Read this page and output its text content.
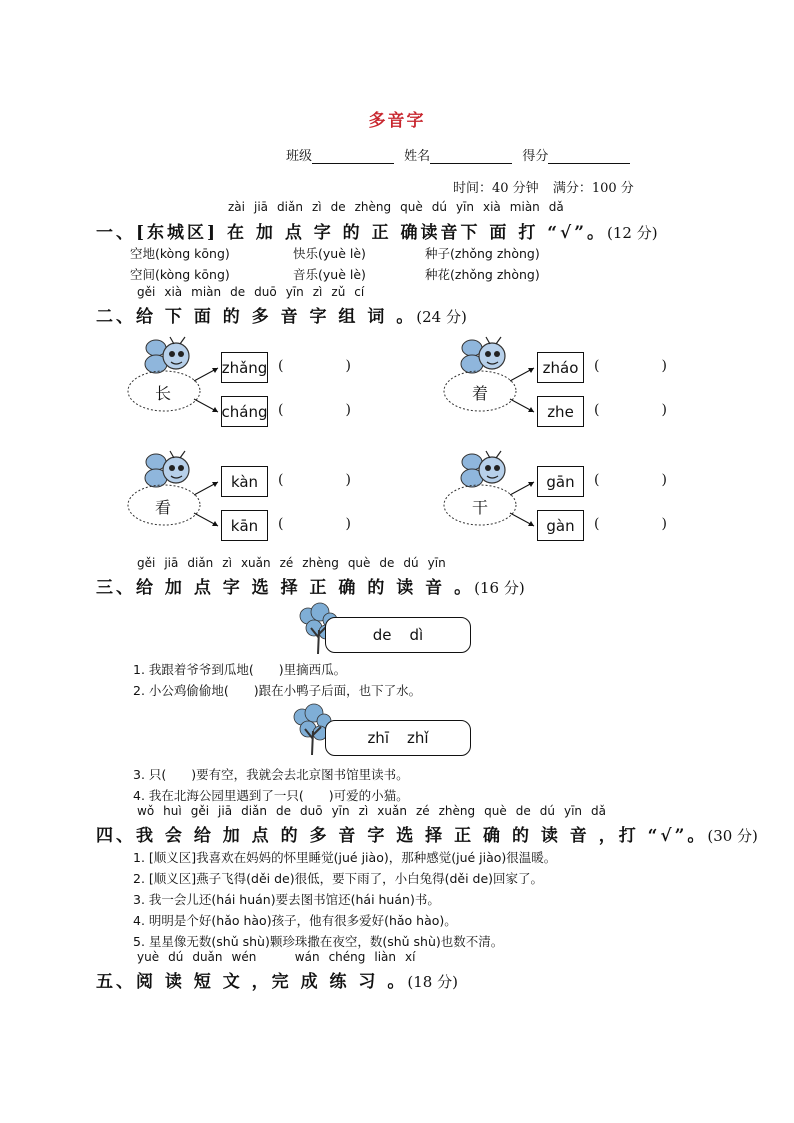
多音字
班级	姓名	得分
时间：40 分钟 满分：100 分
zài jiā diǎn zì de zhèng què dú yīn xià miàn dǎ
一、[东城区] 在 加 点 字 的 正 确读音下 面 打 “√”。(12 分)
空地(kòng kōng)	快乐(yuè lè)	种子(zhǒng zhòng)
空间(kòng kōng)	音乐(yuè lè)	种花(zhǒng zhòng)
gěi xià miàn de duō yīn zì zǔ cí
二、给 下 面 的 多 音 字 组 词 。(24 分)
长
zhǎng
cháng
(	)
(	)
着
zháo
zhe
(	)
(	)
看
kàn
kān
(	)
(	)
干
gān
gàn
(	)
(	)
gěi jiā diǎn zì xuǎn zé zhèng què de dú yīn
三、给 加 点 字 选 择 正 确 的 读 音 。(16 分)
de dì
1. 我跟着爷爷到瓜地(　　)里摘西瓜。
2. 小公鸡偷偷地(　　)跟在小鸭子后面，也下了水。
zhī zhǐ
3. 只(　　)要有空，我就会去北京图书馆里读书。
4. 我在北海公园里遇到了一只(　　)可爱的小猫。
wǒ huì gěi jiā diǎn de duō yīn zì xuǎn zé zhèng què de dú yīn dǎ
四、我 会 给 加 点 的 多 音 字 选 择 正 确 的 读 音 ，打 “√”。(30 分)
1. [顺义区]我喜欢在妈妈的怀里睡觉(jué jiào)，那种感觉(jué jiào)很温暖。
2. [顺义区]燕子飞得(děi de)很低，要下雨了，小白兔得(děi de)回家了。
3. 我一会儿还(hái huán)要去图书馆还(hái huán)书。
4. 明明是个好(hǎo hào)孩子，他有很多爱好(hǎo hào)。
5. 星星像无数(shǔ shù)颗珍珠撒在夜空，数(shǔ shù)也数不清。
yuè dú duǎn wén	wán chéng liàn xí
五、阅 读 短 文 ，完 成 练 习 。(18 分)
